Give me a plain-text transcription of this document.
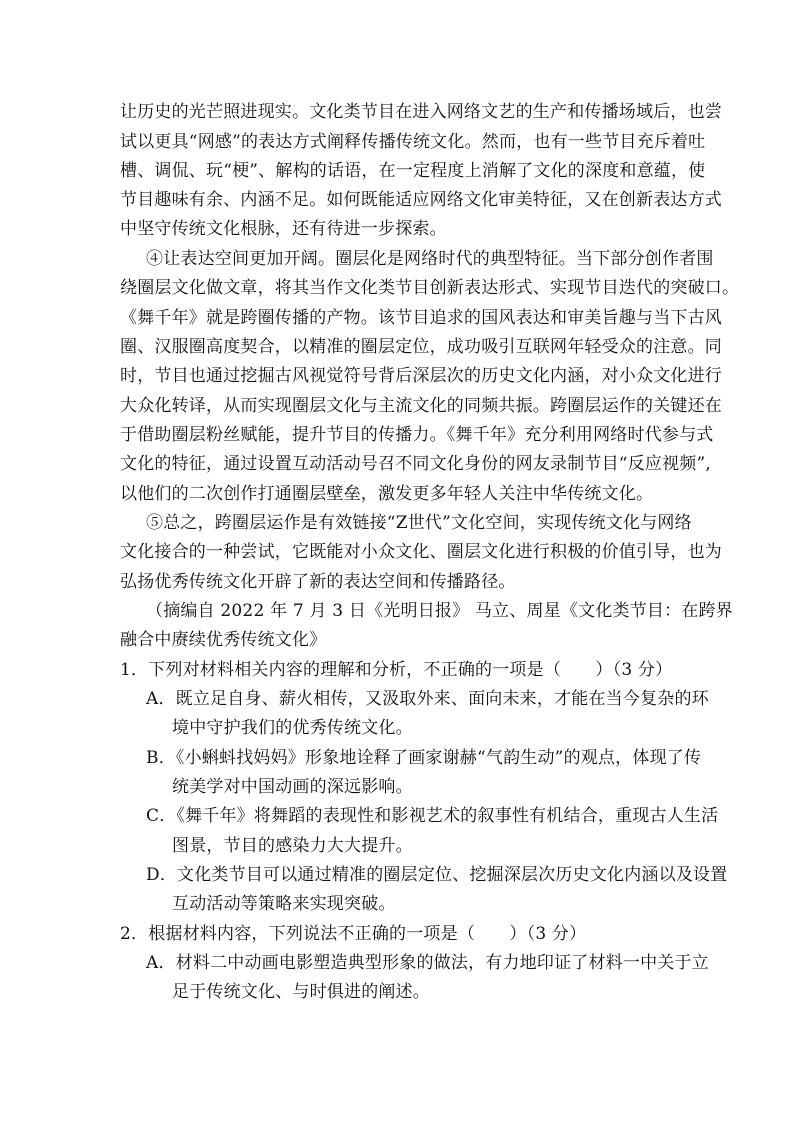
让历史的光芒照进现实。文化类节目在进入网络文艺的生产和传播场域后，也尝
试以更具“网感”的表达方式阐释传播传统文化。然而，也有一些节目充斥着吐
槽、调侃、玩“梗”、解构的话语，在一定程度上消解了文化的深度和意蕴，使
节目趣味有余、内涵不足。如何既能适应网络文化审美特征，又在创新表达方式
中坚守传统文化根脉，还有待进一步探索。
④让表达空间更加开阔。圈层化是网络时代的典型特征。当下部分创作者围
绕圈层文化做文章，将其当作文化类节目创新表达形式、实现节目迭代的突破口。
《舞千年》就是跨圈传播的产物。该节目追求的国风表达和审美旨趣与当下古风
圈、汉服圈高度契合，以精准的圈层定位，成功吸引互联网年轻受众的注意。同
时，节目也通过挖掘古风视觉符号背后深层次的历史文化内涵，对小众文化进行
大众化转译，从而实现圈层文化与主流文化的同频共振。跨圈层运作的关键还在
于借助圈层粉丝赋能，提升节目的传播力。《舞千年》充分利用网络时代参与式
文化的特征，通过设置互动活动号召不同文化身份的网友录制节目“反应视频”,
以他们的二次创作打通圈层壁垒，激发更多年轻人关注中华传统文化。
⑤总之，跨圈层运作是有效链接“Z世代”文化空间，实现传统文化与网络
文化接合的一种尝试，它既能对小众文化、圈层文化进行积极的价值引导，也为
弘扬优秀传统文化开辟了新的表达空间和传播路径。
（摘编自 2022 年 7 月 3 日《光明日报》 马立、周星《文化类节目：在跨界
融合中赓续优秀传统文化》
1．下列对材料相关内容的理解和分析，不正确的一项是（　　）（3 分）
A．既立足自身、薪火相传，又汲取外来、面向未来，才能在当今复杂的环
境中守护我们的优秀传统文化。
B．《小蝌蚪找妈妈》形象地诠释了画家谢赫“气韵生动”的观点，体现了传
统美学对中国动画的深远影响。
C．《舞千年》将舞蹈的表现性和影视艺术的叙事性有机结合，重现古人生活
图景，节目的感染力大大提升。
D．文化类节目可以通过精准的圈层定位、挖掘深层次历史文化内涵以及设置
互动活动等策略来实现突破。
2．根据材料内容，下列说法不正确的一项是（　　）（3 分）
A．材料二中动画电影塑造典型形象的做法，有力地印证了材料一中关于立
足于传统文化、与时俱进的阐述。
